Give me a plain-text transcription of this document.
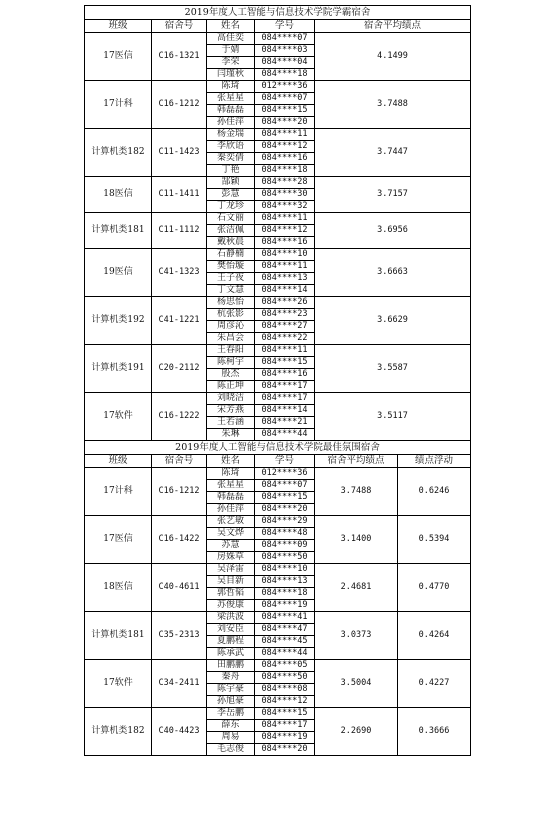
2019年度人工智能与信息技术学院学霸宿舍				
班级	宿舍号	姓名	学号	宿舍平均绩点
17医信	C16-1321	高佳奕	084****07	4.1499
		于婧	084****03	
		李荣	084****04	
		闫瑾秋	084****18	
17计科	C16-1212	陈琦	012****36	3.7488
		张星星	084****07	
		韩磊磊	084****15	
		孙佳萍	084****20	
计算机类182	C11-1423	杨金瑞	084****11	3.7447
		李欣语	084****12	
		秦奕倩	084****16	
		丁艳	084****18	
18医信	C11-1411	郜颖	084****28	3.7157
		彭慧	084****30	
		丁龙珍	084****32	
计算机类181	C11-1112	石文丽	084****11	3.6956
		张洁佩	084****12	
		戴秋晨	084****16	
19医信	C41-1323	石静楠	084****10	3.6663
		樊怡璇	084****11	
		王子夜	084****13	
		丁文慧	084****14	
计算机类192	C41-1221	杨思怡	084****26	3.6629
		杭张影	084****23	
		周彦沁	084****27	
		朱昌会	084****22	
计算机类191	C20-2112	王春阳	084****11	3.5587
		陈柯宇	084****15	
		殷杰	084****16	
		陈正坤	084****17	
17软件	C16-1222	刘晓洁	084****17	3.5117
		宋芳燕	084****14	
		王若涵	084****21	
		朱琳	084****44	
2019年度人工智能与信息技术学院最佳氛围宿舍					
班级	宿舍号	姓名	学号	宿舍平均绩点	绩点浮动
17计科	C16-1212	陈琦	012****36	3.7488	0.6246
		张星星	084****07		
		韩磊磊	084****15		
		孙佳萍	084****20		
17医信	C16-1422	张艺敏	084****29	3.1400	0.5394
		吴文烨	084****48		
		苏慧	084****09		
		房姝草	084****50		
18医信	C40-4611	吴泽雷	084****10	2.4681	0.4770
		吴目新	084****13		
		郭哲韬	084****18		
		苏俊康	084****19		
计算机类181	C35-2313	梁洪波	084****41	3.0373	0.4264
		刘安臣	084****47		
		夏鹏程	084****45		
		陈承武	084****44		
17软件	C34-2411	田鹏鹏	084****05	3.5004	0.4227
		秦舟	084****50		
		陈宇豪	084****08		
		孙旭豪	084****12		
计算机类182	C40-4423	李岳鹏	084****15	2.2690	0.3666
		薛东	084****17		
		周易	084****19		
		毛志俊	084****20		
